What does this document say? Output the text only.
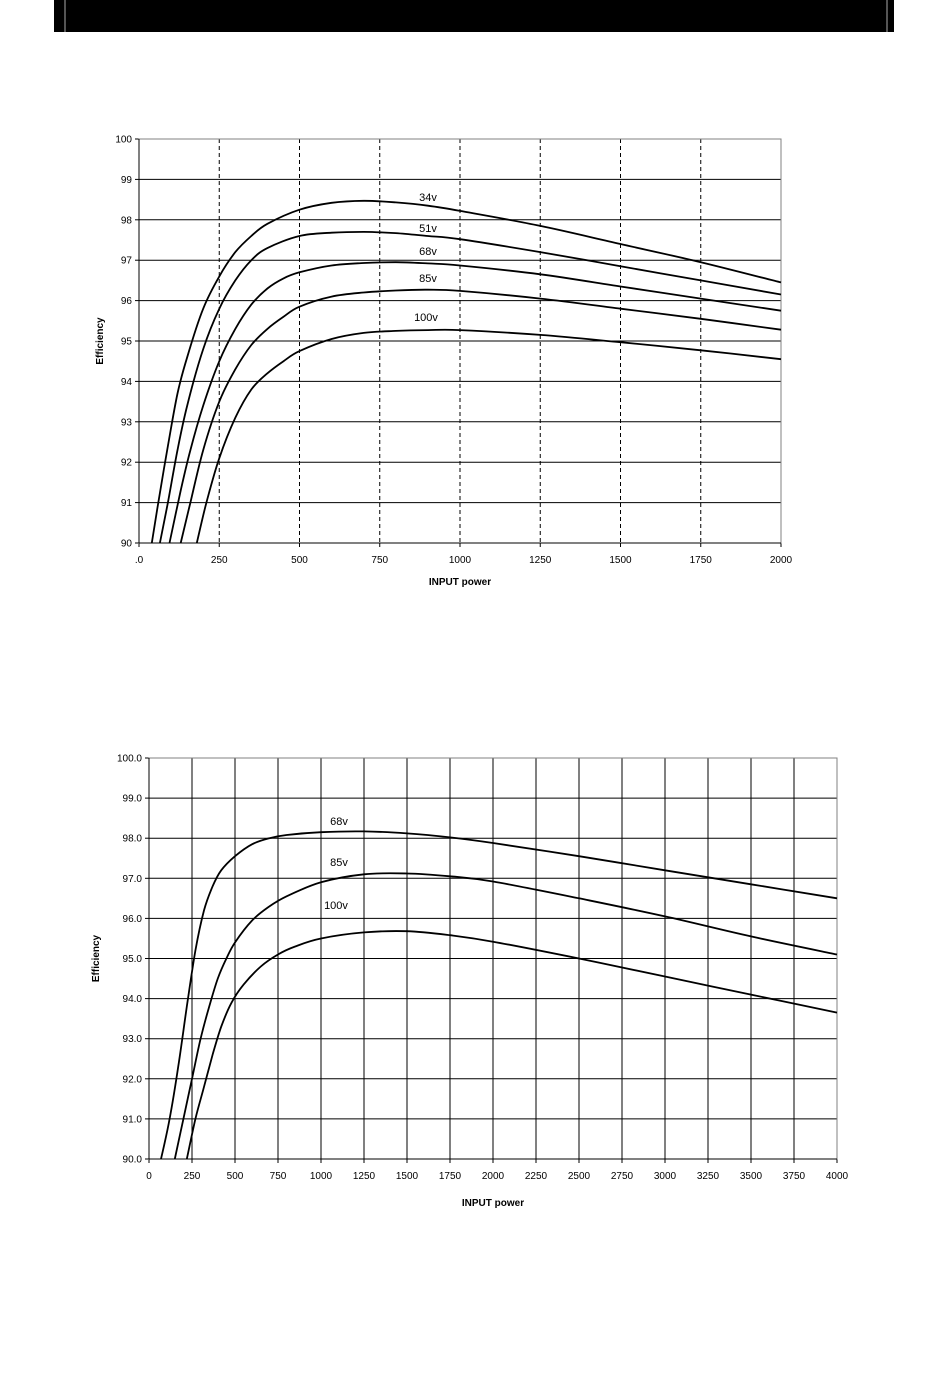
90
91
92
93
94
95
96
97
98
99
100
.0	250	500	750	1000	1250	1500	1750	2000
INPUT power
Efficiency
34v
51v
68v
85v
100v
90.0
91.0
92.0
93.0
94.0
95.0
96.0
97.0
98.0
99.0
100.0
0	250	500	750 1000 1250 1500 1750 2000 2250 2500 2750 3000 3250 3500 3750 4000
INPUT power
Efficiency
68v
85v
100v
